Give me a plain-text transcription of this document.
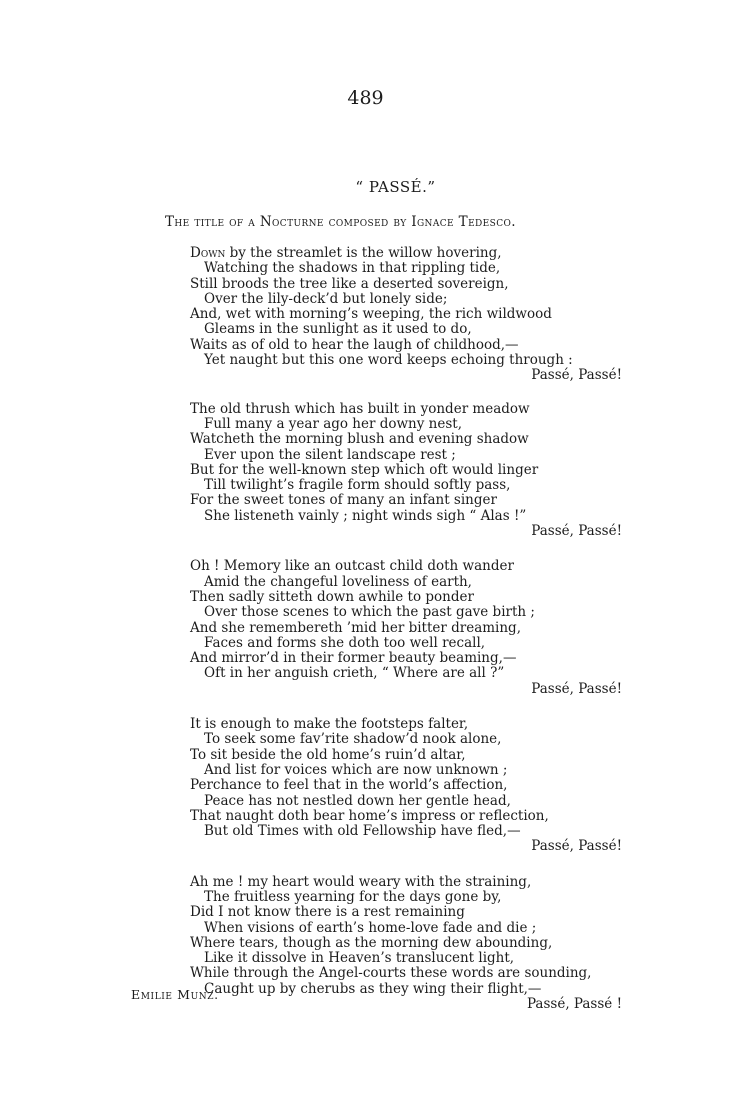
489
“ PASSÉ.”
The title of a Nocturne composed by Ignace Tedesco.
Down by the streamlet is the willow hovering,
Watching the shadows in that rippling tide,
Still broods the tree like a deserted sovereign,
Over the lily-deck’d but lonely side;
And, wet with morning’s weeping, the rich wildwood
Gleams in the sunlight as it used to do,
Waits as of old to hear the laugh of childhood,—
Yet naught but this one word keeps echoing through :
Passé, Passé!
The old thrush which has built in yonder meadow
Full many a year ago her downy nest,
Watcheth the morning blush and evening shadow
Ever upon the silent landscape rest ;
But for the well-known step which oft would linger
Till twilight’s fragile form should softly pass,
For the sweet tones of many an infant singer
She listeneth vainly ; night winds sigh “ Alas !”
Passé, Passé!
Oh ! Memory like an outcast child doth wander
Amid the changeful loveliness of earth,
Then sadly sitteth down awhile to ponder
Over those scenes to which the past gave birth ;
And she remembereth ’mid her bitter dreaming,
Faces and forms she doth too well recall,
And mirror’d in their former beauty beaming,—
Oft in her anguish crieth, “ Where are all ?”
Passé, Passé!
It is enough to make the footsteps falter,
To seek some fav’rite shadow’d nook alone,
To sit beside the old home’s ruin’d altar,
And list for voices which are now unknown ;
Perchance to feel that in the world’s affection,
Peace has not nestled down her gentle head,
That naught doth bear home’s impress or reflection,
But old Times with old Fellowship have fled,—
Passé, Passé!
Ah me ! my heart would weary with the straining,
The fruitless yearning for the days gone by,
Did I not know there is a rest remaining
When visions of earth’s home-love fade and die ;
Where tears, though as the morning dew abounding,
Like it dissolve in Heaven’s translucent light,
While through the Angel-courts these words are sounding,
Caught up by cherubs as they wing their flight,—
Passé, Passé !
Emilie Munz.
